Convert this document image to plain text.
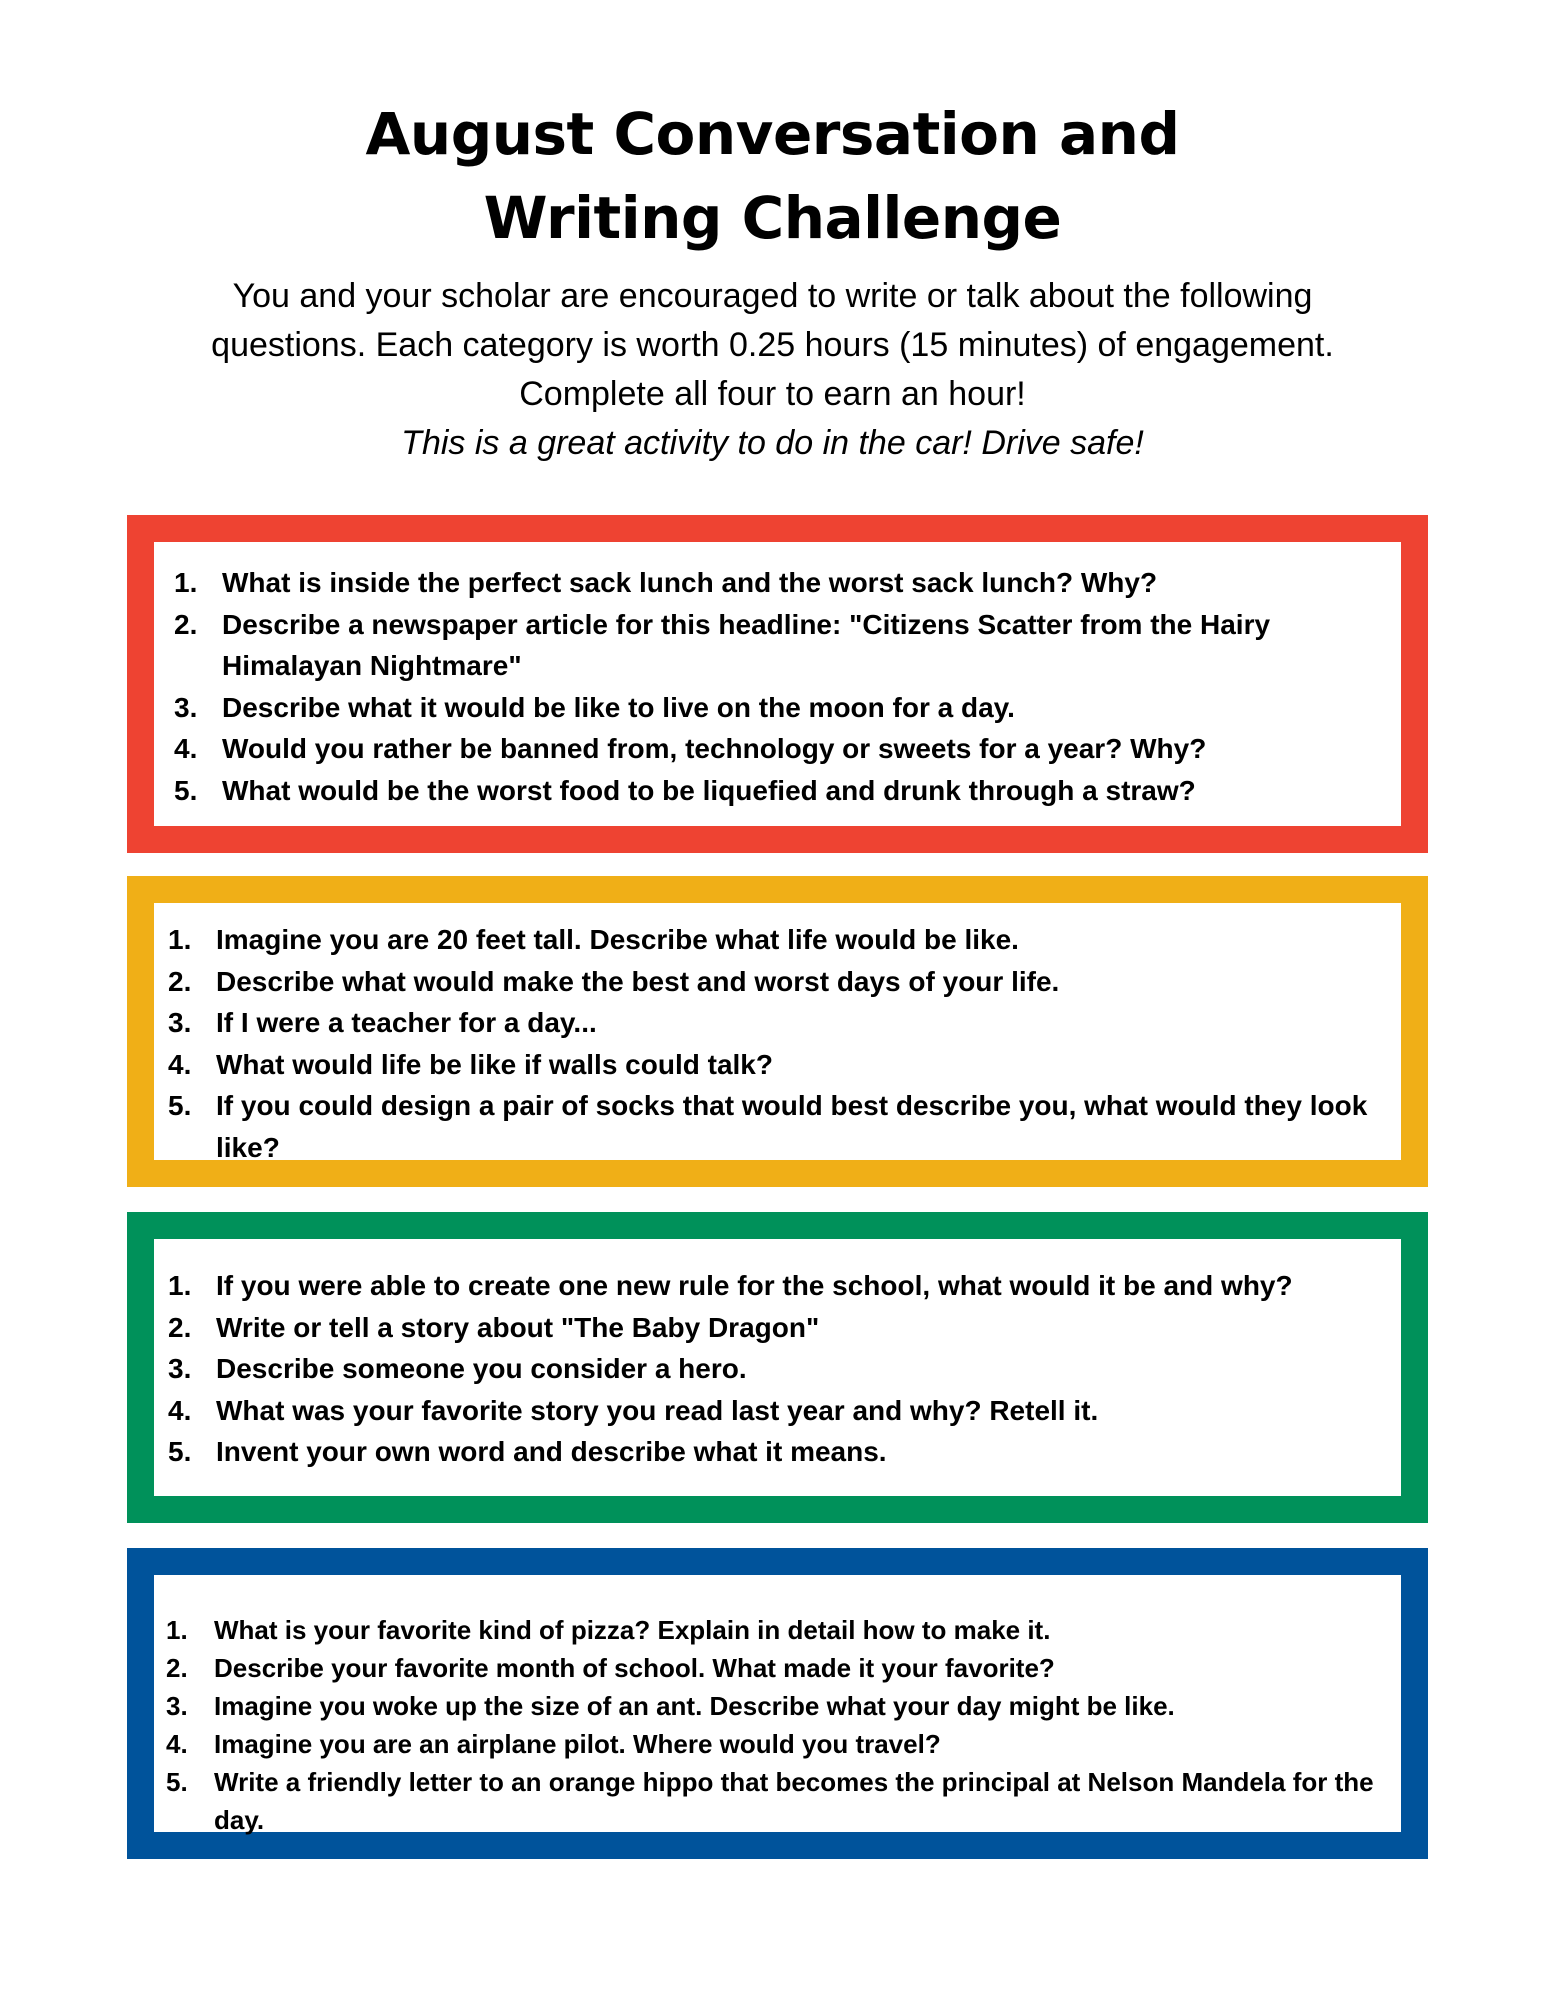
August Conversation and
Writing Challenge

You and your scholar are encouraged to write or talk about the following

questions. Each category is worth 0.25 hours (15 minutes) of engagement.

Complete all four to earn an hour!

This is a great activity to do in the car! Drive safe!

1. What is inside the perfect sack lunch and the worst sack lunch? Why?
2. Describe a newspaper article for this headline: "Citizens Scatter from the Hairy Himalayan Nightmare"
3. Describe what it would be like to live on the moon for a day.
4. Would you rather be banned from, technology or sweets for a year? Why?
5. What would be the worst food to be liquefied and drunk through a straw?
1. Imagine you are 20 feet tall. Describe what life would be like.
2. Describe what would make the best and worst days of your life.
3. If I were a teacher for a day...
4. What would life be like if walls could talk?
5. If you could design a pair of socks that would best describe you, what would they look like?
1. If you were able to create one new rule for the school, what would it be and why?
2. Write or tell a story about "The Baby Dragon"
3. Describe someone you consider a hero.
4. What was your favorite story you read last year and why? Retell it.
5. Invent your own word and describe what it means.
1. What is your favorite kind of pizza? Explain in detail how to make it.
2. Describe your favorite month of school. What made it your favorite?
3. Imagine you woke up the size of an ant. Describe what your day might be like.
4. Imagine you are an airplane pilot. Where would you travel?
5. Write a friendly letter to an orange hippo that becomes the principal at Nelson Mandela for the day.
